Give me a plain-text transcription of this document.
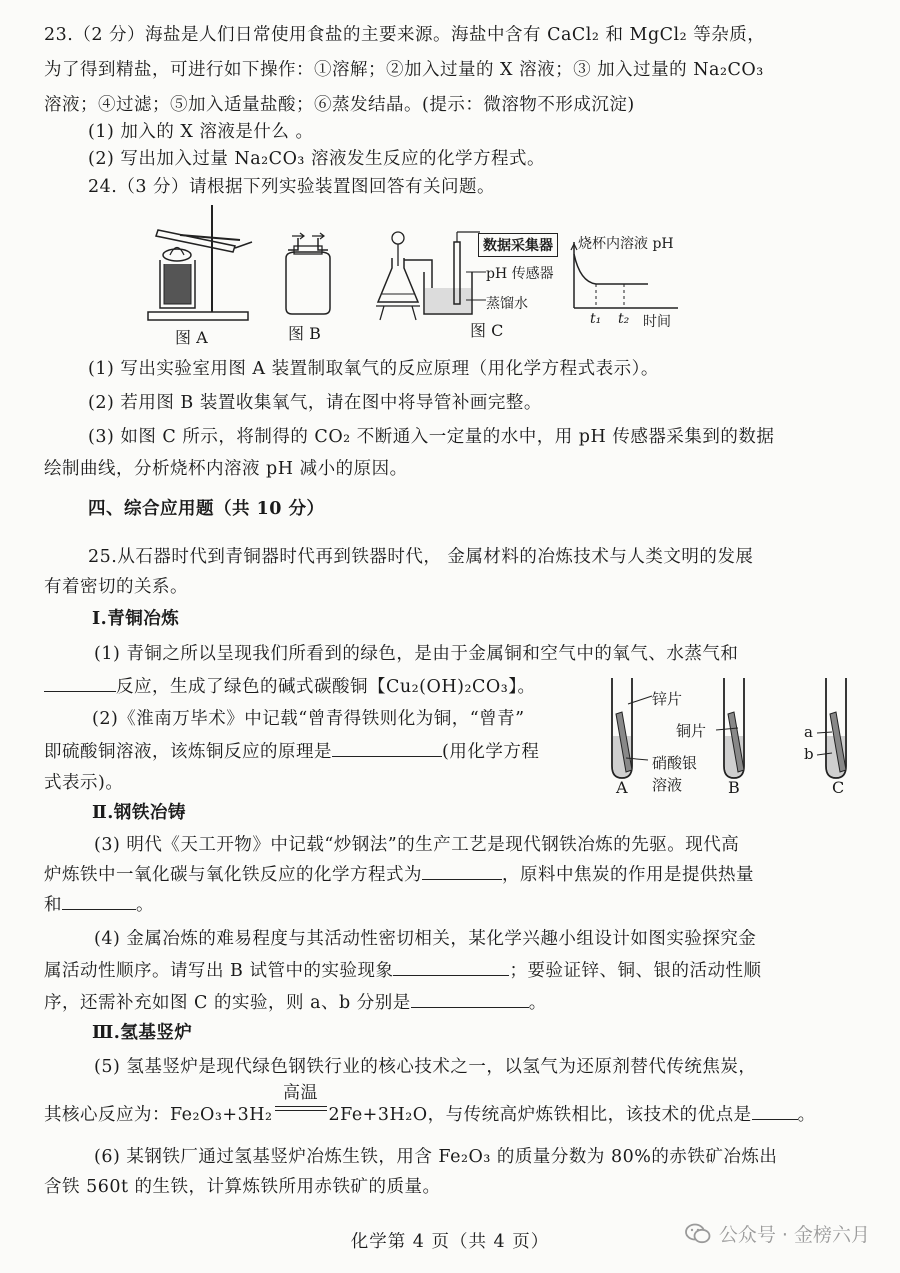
23.（2 分）海盐是人们日常使用食盐的主要来源。海盐中含有 CaCl₂ 和 MgCl₂ 等杂质，
为了得到精盐，可进行如下操作：①溶解；②加入过量的 X 溶液；③ 加入过量的 Na₂CO₃
溶液；④过滤；⑤加入适量盐酸；⑥蒸发结晶。(提示：微溶物不形成沉淀)
(1) 加入的 X 溶液是什么 。
(2) 写出加入过量 Na₂CO₃ 溶液发生反应的化学方程式。
24.（3 分）请根据下列实验装置图回答有关问题。
图 A	图 B
数据采集器
pH 传感器
蒸馏水
图 C
烧杯内溶液 pH
t₁ t₂ 时间
(1) 写出实验室用图 A 装置制取氧气的反应原理（用化学方程式表示）。
(2) 若用图 B 装置收集氧气，请在图中将导管补画完整。
(3) 如图 C 所示，将制得的 CO₂ 不断通入一定量的水中，用 pH 传感器采集到的数据
绘制曲线，分析烧杯内溶液 pH 减小的原因。
四、综合应用题（共 10 分）
25.从石器时代到青铜器时代再到铁器时代， 金属材料的冶炼技术与人类文明的发展
有着密切的关系。
Ⅰ.青铜冶炼
(1) 青铜之所以呈现我们所看到的绿色，是由于金属铜和空气中的氧气、水蒸气和
反应，生成了绿色的碱式碳酸铜【Cu₂(OH)₂CO₃】。
(2)《淮南万毕术》中记载“曾青得铁则化为铜，“曾青”
即硫酸铜溶液，该炼铜反应的原理是	(用化学方程
式表示)。
锌片
铜片
硝酸银
溶液
A	B	C
a
b
Ⅱ.钢铁冶铸
(3) 明代《天工开物》中记载“炒钢法”的生产工艺是现代钢铁冶炼的先驱。现代高
炉炼铁中一氧化碳与氧化铁反应的化学方程式为	，原料中焦炭的作用是提供热量
和	。
(4) 金属冶炼的难易程度与其活动性密切相关，某化学兴趣小组设计如图实验探究金
属活动性顺序。请写出 B 试管中的实验现象	；要验证锌、铜、银的活动性顺
序，还需补充如图 C 的实验，则 a、b 分别是	。
Ⅲ.氢基竖炉
(5) 氢基竖炉是现代绿色钢铁行业的核心技术之一，以氢气为还原剂替代传统焦炭，
其核心反应为：Fe₂O₃+3H₂
高温
2Fe+3H₂O，与传统高炉炼铁相比，该技术的优点是	。
(6) 某钢铁厂通过氢基竖炉冶炼生铁，用含 Fe₂O₃ 的质量分数为 80%的赤铁矿冶炼出
含铁 560t 的生铁，计算炼铁所用赤铁矿的质量。
化学第 4 页（共 4 页）	公众号 · 金榜六月
